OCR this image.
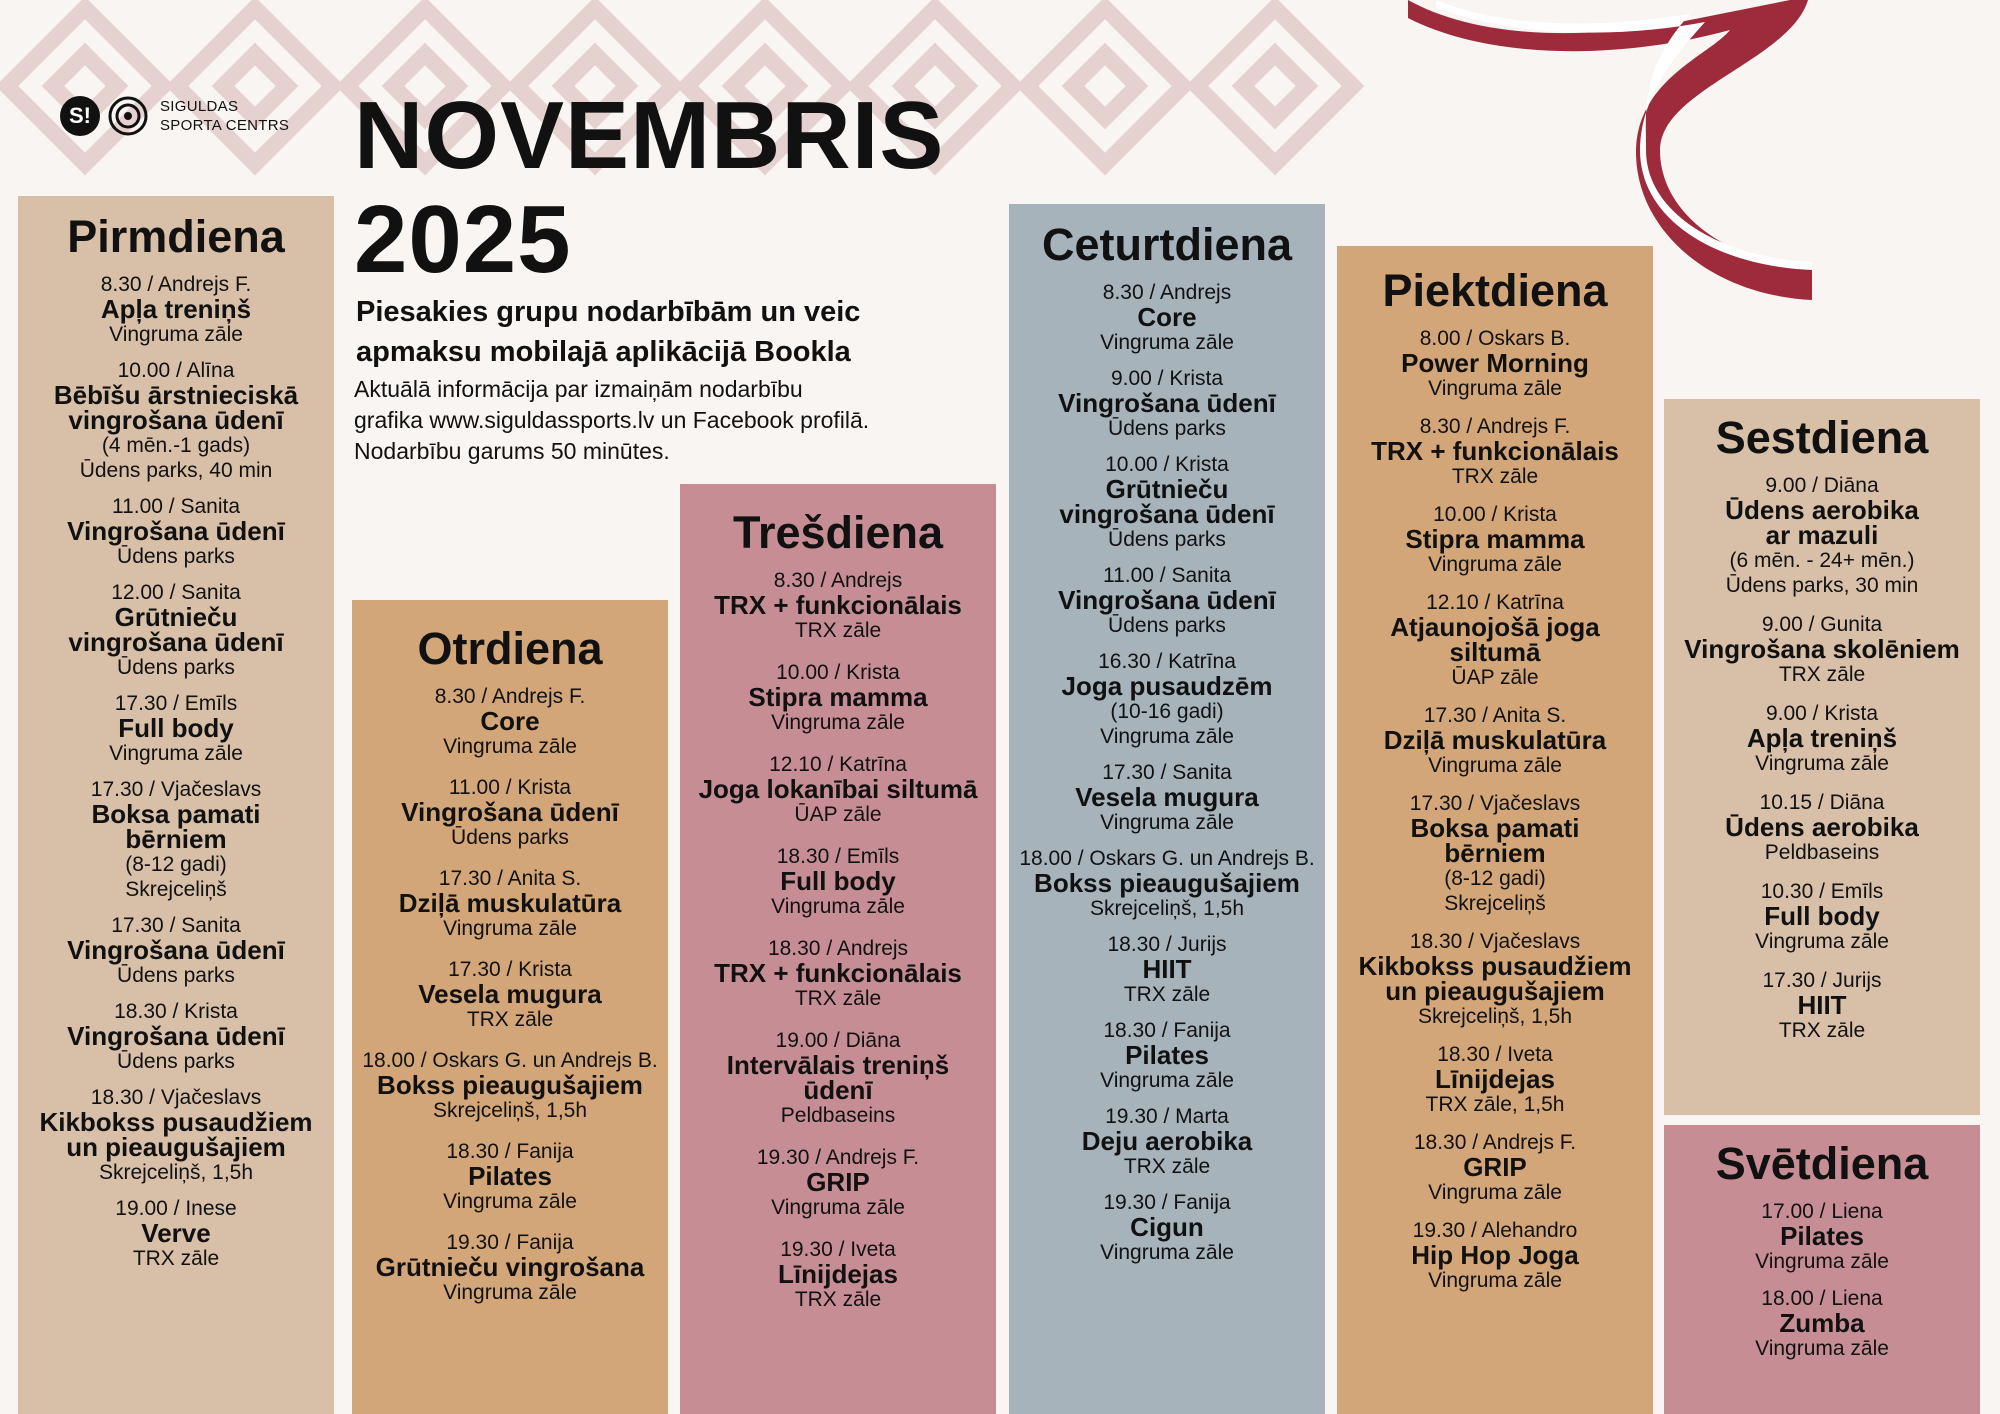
S!	SIGULDAS
SPORTA CENTRS NOVEMBRIS
2025
Piesakies grupu nodarbībām un veic
apmaksu mobilajā aplikācijā Bookla
Aktuālā informācija par izmaiņām nodarbību
grafika www.siguldassports.lv un Facebook profilā.
Nodarbību garums 50 minūtes.
Pirmdiena
8.30 / Andrejs F.
Apļa treniņš
Vingruma zāle
10.00 / Alīna
Bēbīšu ārstnieciskā
vingrošana ūdenī
(4 mēn.-1 gads)
Ūdens parks, 40 min
11.00 / Sanita
Vingrošana ūdenī
Ūdens parks
12.00 / Sanita
Grūtnieču
vingrošana ūdenī
Ūdens parks
17.30 / Emīls
Full body
Vingruma zāle
17.30 / Vjačeslavs
Boksa pamati
bērniem
(8-12 gadi)
Skrejceliņš
17.30 / Sanita
Vingrošana ūdenī
Ūdens parks
18.30 / Krista
Vingrošana ūdenī
Ūdens parks
18.30 / Vjačeslavs
Kikbokss pusaudžiem
un pieaugušajiem
Skrejceliņš, 1,5h
19.00 / Inese
Verve
TRX zāle
Otrdiena
8.30 / Andrejs F.
Core
Vingruma zāle
11.00 / Krista
Vingrošana ūdenī
Ūdens parks
17.30 / Anita S.
Dziļā muskulatūra
Vingruma zāle
17.30 / Krista
Vesela mugura
TRX zāle
18.00 / Oskars G. un Andrejs B.
Bokss pieaugušajiem
Skrejceliņš, 1,5h
18.30 / Fanija
Pilates
Vingruma zāle
19.30 / Fanija
Grūtnieču vingrošana
Vingruma zāle
Trešdiena
8.30 / Andrejs
TRX + funkcionālais
TRX zāle
10.00 / Krista
Stipra mamma
Vingruma zāle
12.10 / Katrīna
Joga lokanībai siltumā
ŪAP zāle
18.30 / Emīls
Full body
Vingruma zāle
18.30 / Andrejs
TRX + funkcionālais
TRX zāle
19.00 / Diāna
Intervālais treniņš
ūdenī
Peldbaseins
19.30 / Andrejs F.
GRIP
Vingruma zāle
19.30 / Iveta
Līnijdejas
TRX zāle
Ceturtdiena
8.30 / Andrejs
Core
Vingruma zāle
9.00 / Krista
Vingrošana ūdenī
Ūdens parks
10.00 / Krista
Grūtnieču
vingrošana ūdenī
Ūdens parks
11.00 / Sanita
Vingrošana ūdenī
Ūdens parks
16.30 / Katrīna
Joga pusaudzēm
(10-16 gadi)
Vingruma zāle
17.30 / Sanita
Vesela mugura
Vingruma zāle
18.00 / Oskars G. un Andrejs B.
Bokss pieaugušajiem
Skrejceliņš, 1,5h
18.30 / Jurijs
HIIT
TRX zāle
18.30 / Fanija
Pilates
Vingruma zāle
19.30 / Marta
Deju aerobika
TRX zāle
19.30 / Fanija
Cigun
Vingruma zāle
Piektdiena
8.00 / Oskars B.
Power Morning
Vingruma zāle
8.30 / Andrejs F.
TRX + funkcionālais
TRX zāle
10.00 / Krista
Stipra mamma
Vingruma zāle
12.10 / Katrīna
Atjaunojošā joga
siltumā
ŪAP zāle
17.30 / Anita S.
Dziļā muskulatūra
Vingruma zāle
17.30 / Vjačeslavs
Boksa pamati
bērniem
(8-12 gadi)
Skrejceliņš
18.30 / Vjačeslavs
Kikbokss pusaudžiem
un pieaugušajiem
Skrejceliņš, 1,5h
18.30 / Iveta
Līnijdejas
TRX zāle, 1,5h
18.30 / Andrejs F.
GRIP
Vingruma zāle
19.30 / Alehandro
Hip Hop Joga
Vingruma zāle
Sestdiena
9.00 / Diāna
Ūdens aerobika
ar mazuli
(6 mēn. - 24+ mēn.)
Ūdens parks, 30 min
9.00 / Gunita
Vingrošana skolēniem
TRX zāle
9.00 / Krista
Apļa treniņš
Vingruma zāle
10.15 / Diāna
Ūdens aerobika
Peldbaseins
10.30 / Emīls
Full body
Vingruma zāle
17.30 / Jurijs
HIIT
TRX zāle
Svētdiena
17.00 / Liena
Pilates
Vingruma zāle
18.00 / Liena
Zumba
Vingruma zāle
